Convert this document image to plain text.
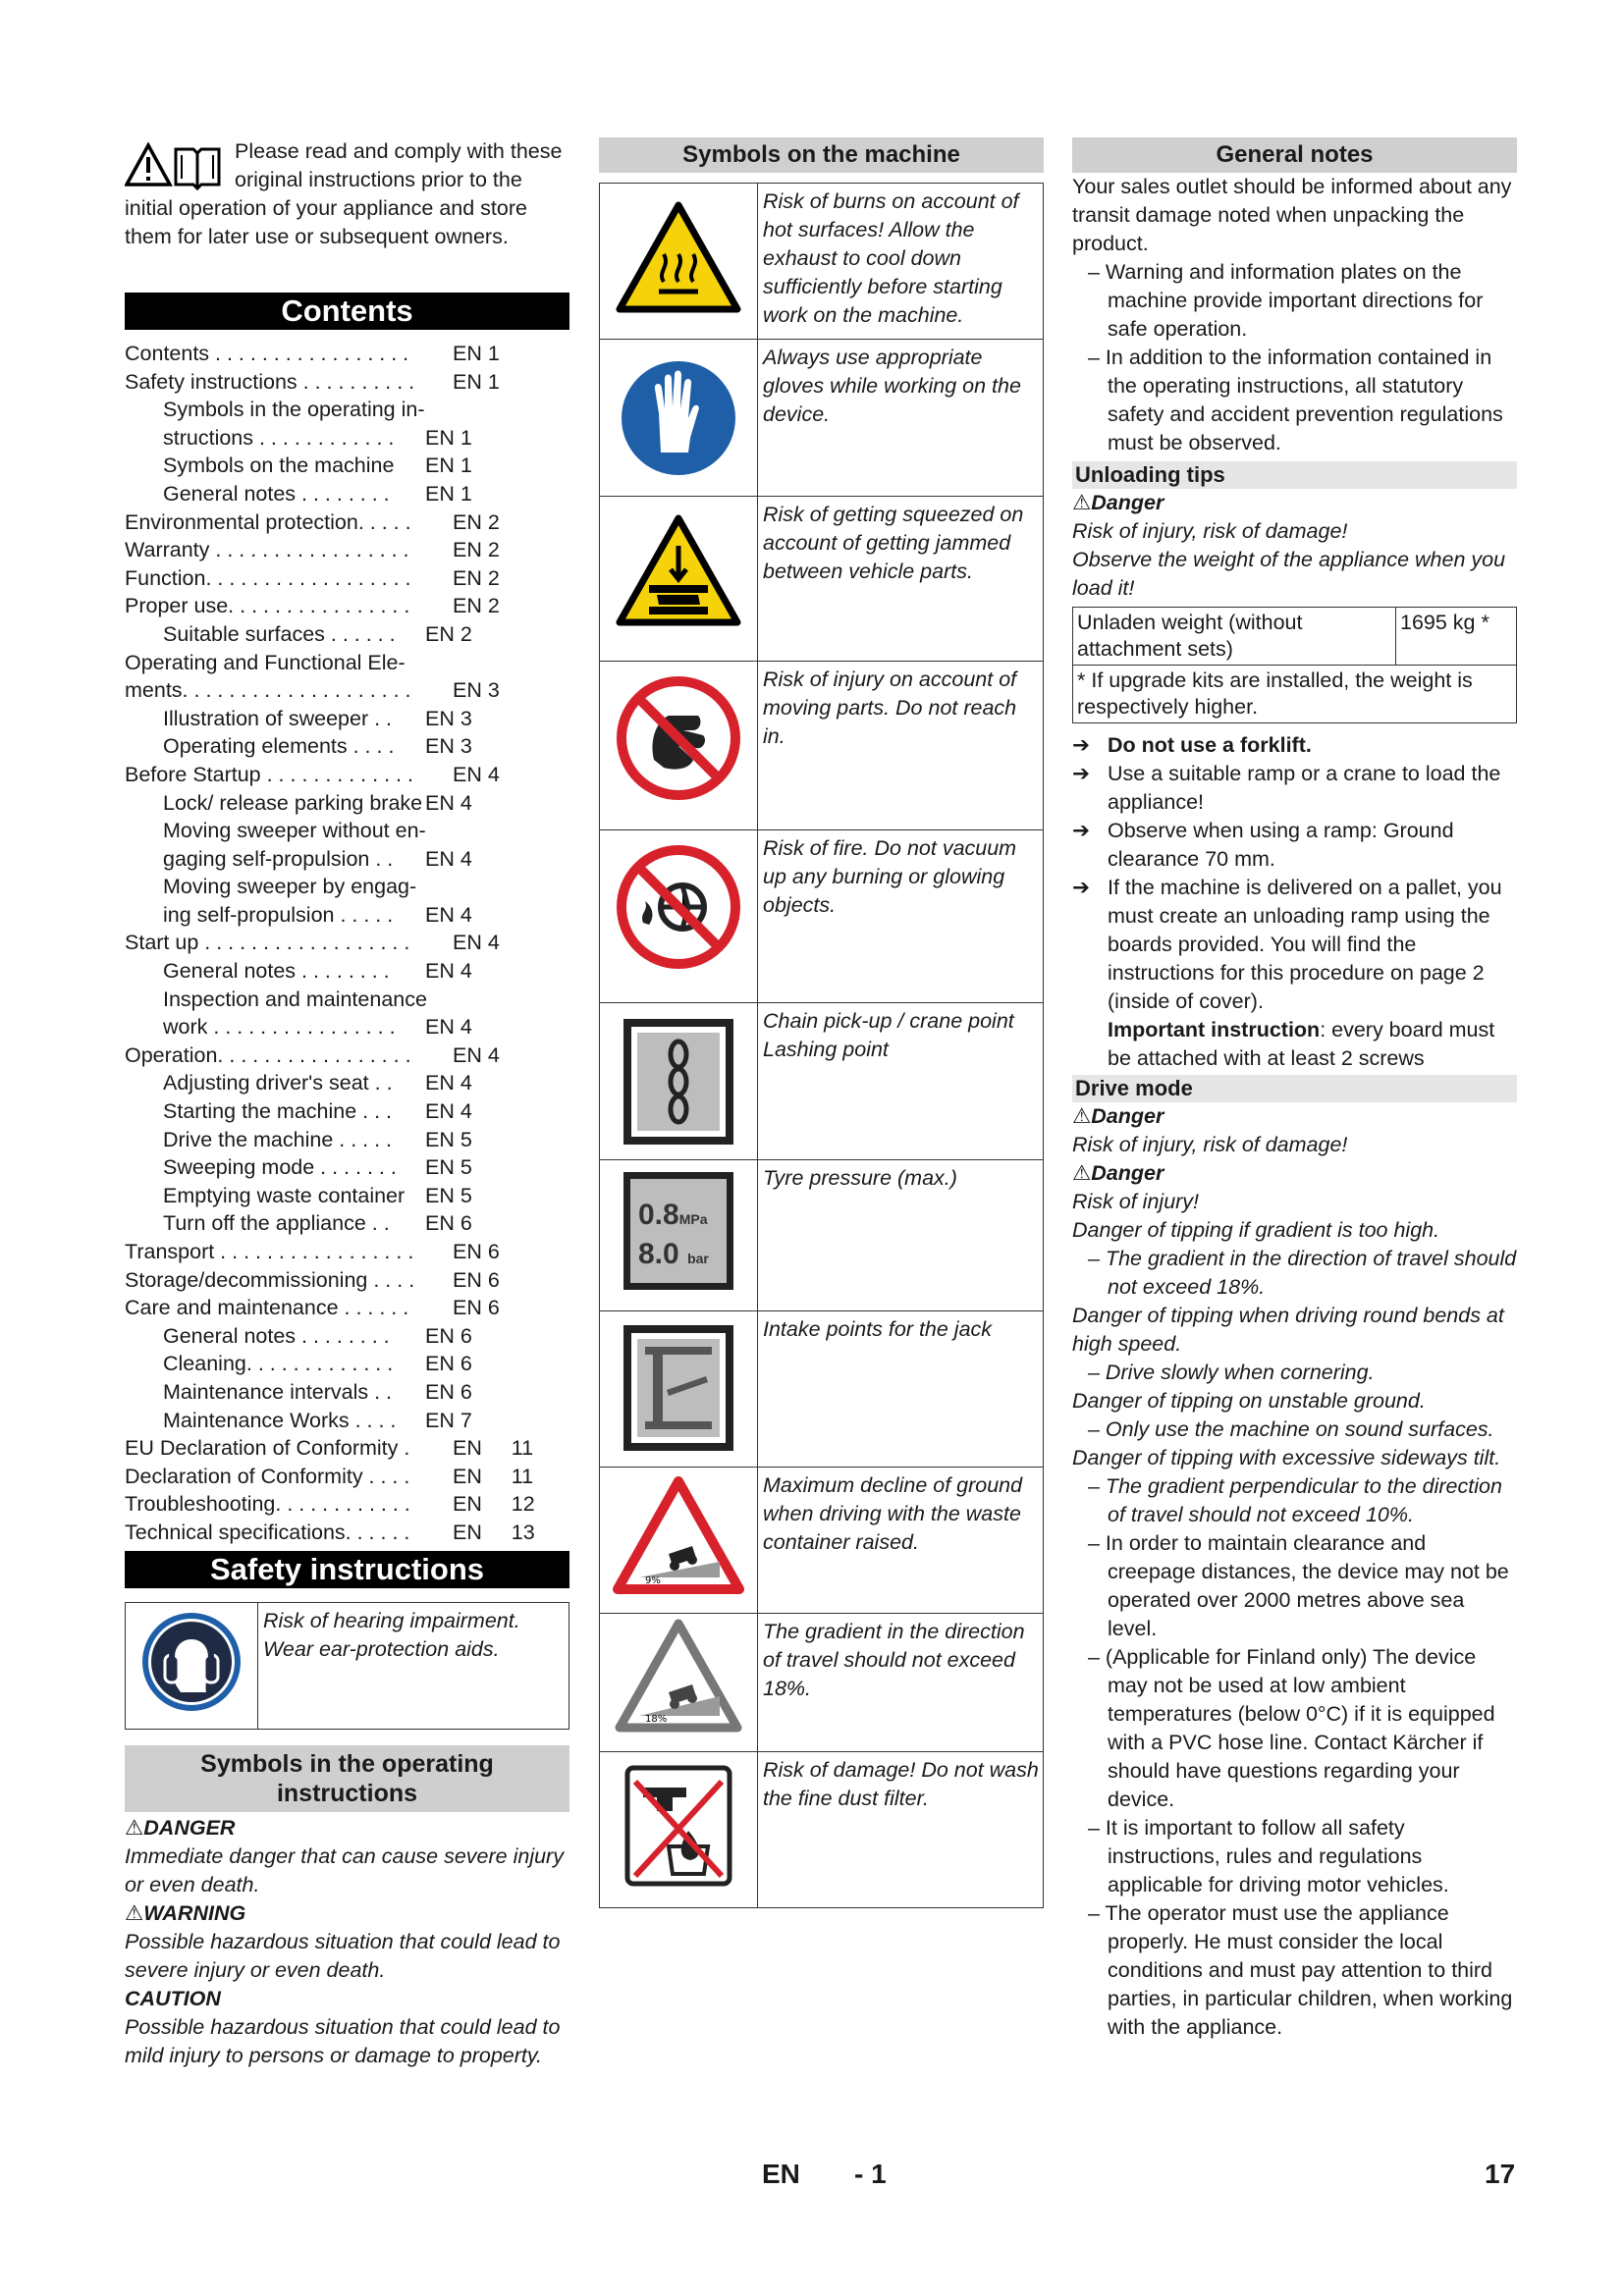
Please read and comply with these original instructions prior to the initial operation of your appliance and store them for later use or subsequent owners.

Contents
Contents . . . . . . . . . . . . . . . . . EN 1
Safety instructions . . . . . . . . . . EN 1
Symbols in the operating in-
structions . . . . . . . . . . . . EN 1
Symbols on the machine EN 1
General notes . . . . . . . . EN 1
Environmental protection. . . . . EN 2
Warranty . . . . . . . . . . . . . . . . . EN 2
Function. . . . . . . . . . . . . . . . . . EN 2
Proper use. . . . . . . . . . . . . . . . EN 2
Suitable surfaces . . . . . . EN 2
Operating and Functional Ele-
ments. . . . . . . . . . . . . . . . . . . . EN 3
Illustration of sweeper . . EN 3
Operating elements . . . . EN 3
Before Startup . . . . . . . . . . . . . EN 4
Lock/ release parking brake EN 4
Moving sweeper without en-
gaging self-propulsion . . EN 4
Moving sweeper by engag-
ing self-propulsion . . . . . EN 4
Start up . . . . . . . . . . . . . . . . . . EN 4
General notes . . . . . . . . EN 4
Inspection and maintenance
work . . . . . . . . . . . . . . . . EN 4
Operation. . . . . . . . . . . . . . . . . EN 4
Adjusting driver's seat . . EN 4
Starting the machine . . . EN 4
Drive the machine . . . . . EN 5
Sweeping mode . . . . . . . EN 5
Emptying waste container EN 5
Turn off the appliance . . EN 6
Transport . . . . . . . . . . . . . . . . . EN 6
Storage/decommissioning . . . . EN 6
Care and maintenance . . . . . . EN 6
General notes . . . . . . . . EN 6
Cleaning. . . . . . . . . . . . . EN 6
Maintenance intervals . . EN 6
Maintenance Works . . . . EN 7
EU Declaration of Conformity . EN     11
Declaration of Conformity . . . . EN     11
Troubleshooting. . . . . . . . . . . . EN     12
Technical specifications. . . . . . EN     13
Safety instructions
	Risk of hearing impairment. Wear ear-protection aids.
Symbols in the operating instructions
⚠DANGER
Immediate danger that can cause severe injury or even death.
⚠WARNING
Possible hazardous situation that could lead to severe injury or even death.
CAUTION
Possible hazardous situation that could lead to mild injury to persons or damage to property.
Symbols on the machine
	Risk of burns on account of hot surfaces! Allow the exhaust to cool down sufficiently before starting work on the machine.
	Always use appropriate gloves while working on the device.
	Risk of getting squeezed on account of getting jammed between vehicle parts.
	Risk of injury on account of moving parts. Do not reach in.
	Risk of fire. Do not vacuum up any burning or glowing objects.
	Chain pick-up / crane point Lashing point

0.8MPa
8.0 bar	Tyre pressure (max.)
	Intake points for the jack

9%	Maximum decline of ground when driving with the waste container raised.

18%	The gradient in the direction of travel should not exceed 18%.
	Risk of damage! Do not wash the fine dust filter.
General notes
Your sales outlet should be informed about any transit damage noted when unpacking the product.
– Warning and information plates on the machine provide important directions for safe operation.
– In addition to the information contained in the operating instructions, all statutory safety and accident prevention regulations must be observed.
Unloading tips
⚠Danger
Risk of injury, risk of damage!
Observe the weight of the appliance when you load it!
Unladen weight (without attachment sets)	1695 kg *
* If upgrade kits are installed, the weight is respectively higher.
➔ Do not use a forklift.
➔ Use a suitable ramp or a crane to load the appliance!
➔ Observe when using a ramp: Ground clearance 70 mm.
➔ If the machine is delivered on a pallet, you must create an unloading ramp using the boards provided. You will find the instructions for this procedure on page 2 (inside of cover).
Important instruction: every board must be attached with at least 2 screws
Drive mode
⚠Danger
Risk of injury, risk of damage!
⚠Danger
Risk of injury!
Danger of tipping if gradient is too high.
– The gradient in the direction of travel should not exceed 18%.
Danger of tipping when driving round bends at high speed.
– Drive slowly when cornering.
Danger of tipping on unstable ground.
– Only use the machine on sound surfaces.
Danger of tipping with excessive sideways tilt.
– The gradient perpendicular to the direction of travel should not exceed 10%.
– In order to maintain clearance and creepage distances, the device may not be operated over 2000 metres above sea level.
– (Applicable for Finland only) The device may not be used at low ambient temperatures (below 0°C) if it is equipped with a PVC hose line. Contact Kärcher if should have questions regarding your device.
– It is important to follow all safety instructions, rules and regulations applicable for driving motor vehicles.
– The operator must use the appliance properly. He must consider the local conditions and must pay attention to third parties, in particular children, when working with the appliance.
EN - 1	17
